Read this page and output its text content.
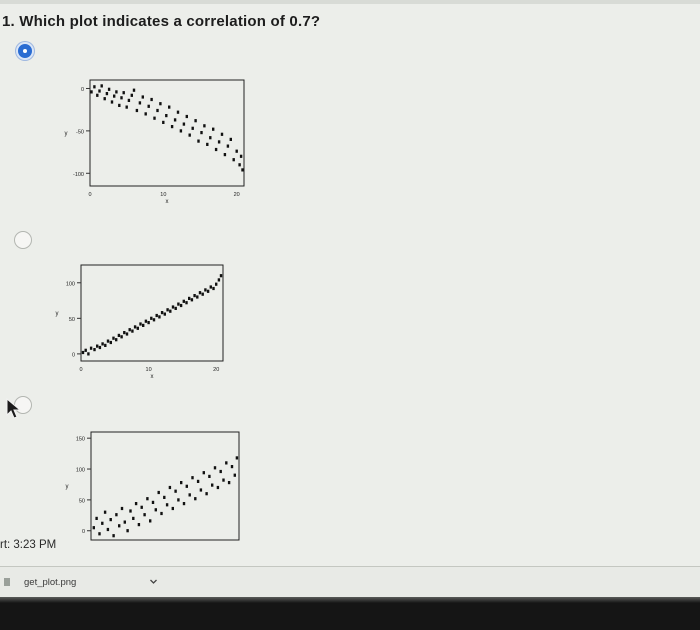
1. Which plot indicates a correlation of 0.7?
0
-50
-100
y
0	10	20
x
0
50
100
y
0	10	20
x
150
100
50
0
y
rt: 3:23 PM
get_plot.png
